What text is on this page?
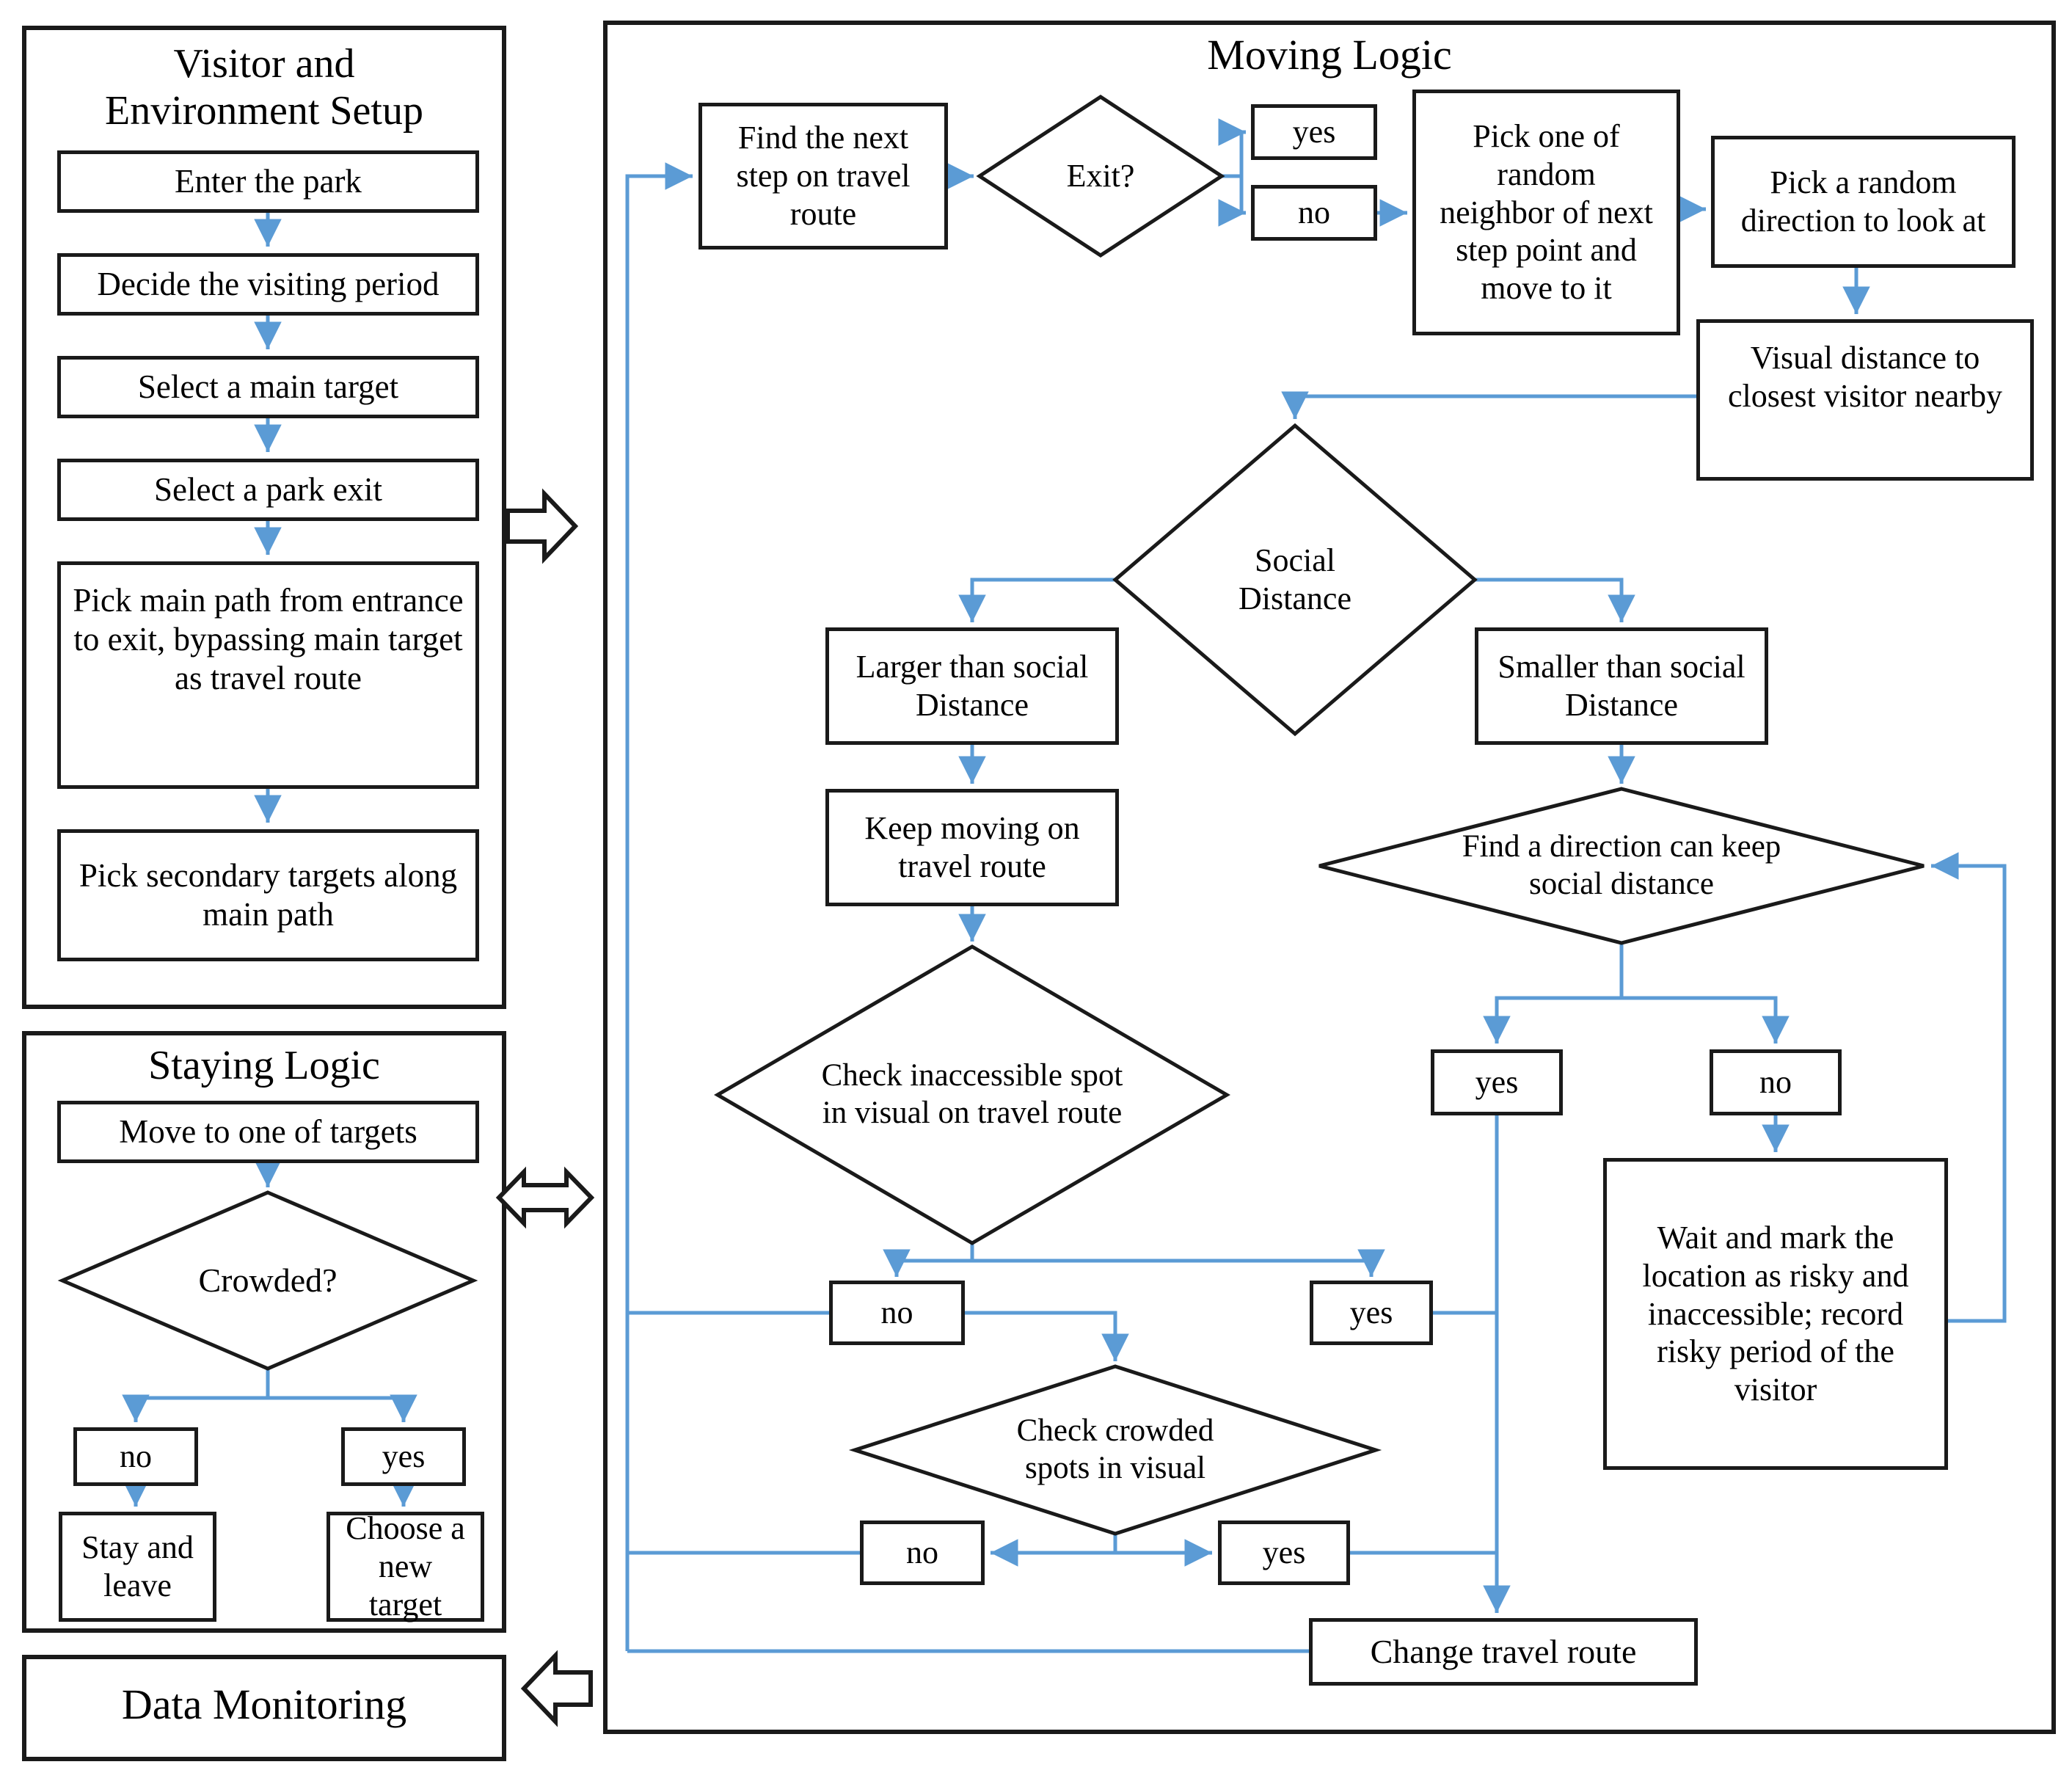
Visitor and Environment Setup
Staying Logic
Data Monitoring
Moving Logic
Enter the park
Decide the visiting period
Select a main target
Select a park exit
Pick main path from entrance to exit, bypassing main target as travel route
Pick secondary targets along main path
Move to one of targets
Crowded?
no	yes
Stay and leave
Choose a new target
Find the next step on travel route
Exit?
yes
no
Pick one of random neighbor of next step point and move to it
Pick a random direction to look at
Visual distance to closest visitor nearby
Social Distance
Larger than social Distance
Keep moving on travel route
Check inaccessible spot in visual on travel route
Smaller than social Distance
Find a direction can keep social distance
yes	no
Wait and mark the location as risky and inaccessible; record risky period of the visitor
no	yes
Check crowded spots in visual
no	yes
Change travel route
